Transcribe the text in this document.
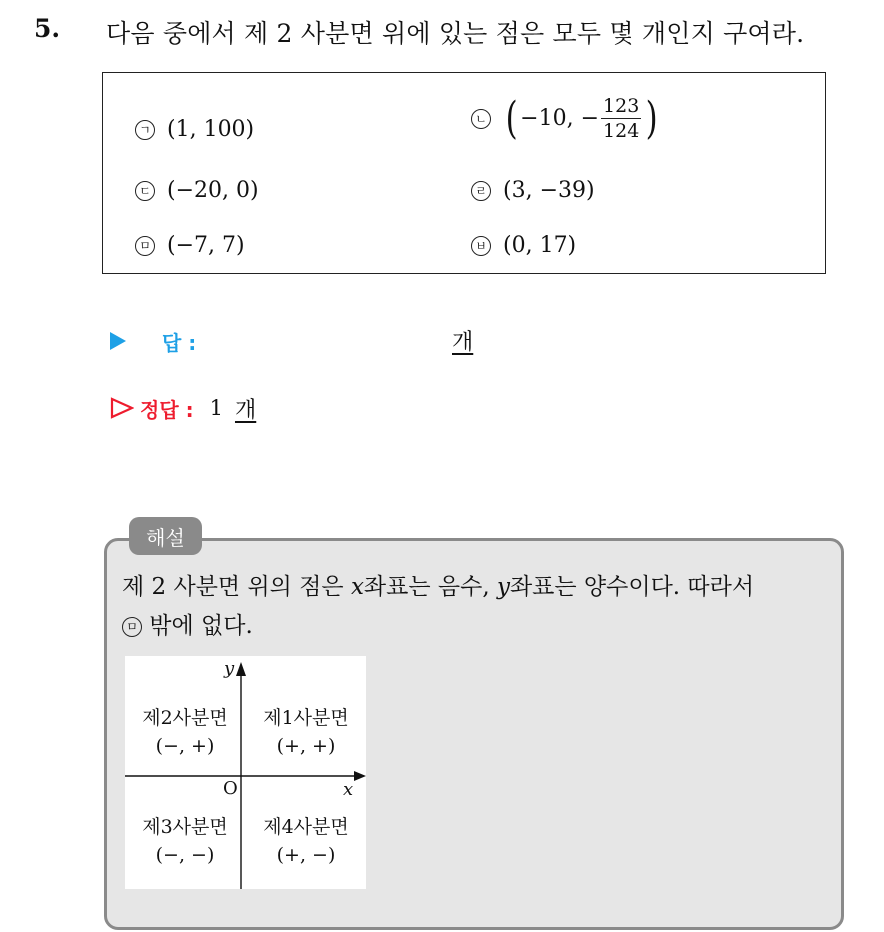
5. 다음 중에서 제 2 사분면 위에 있는 점은 모두 몇 개인지 구여라.
ㄱ (1, 100)	ㄴ ( −10, − $\frac{123}{124}$ )
ㄷ (−20, 0)	ㄹ (3, −39)
ㅁ (−7, 7)	ㅂ (0, 17)
답 :	개
정답 : 1 개
해설
제 2 사분면 위의 점은 x좌표는 음수, y좌표는 양수이다. 따라서
ㅁ 밖에 없다.
y
x
O
제2사분면
(−, +)
제1사분면
(+, +)
제3사분면
(−, −)
제4사분면
(+, −)
